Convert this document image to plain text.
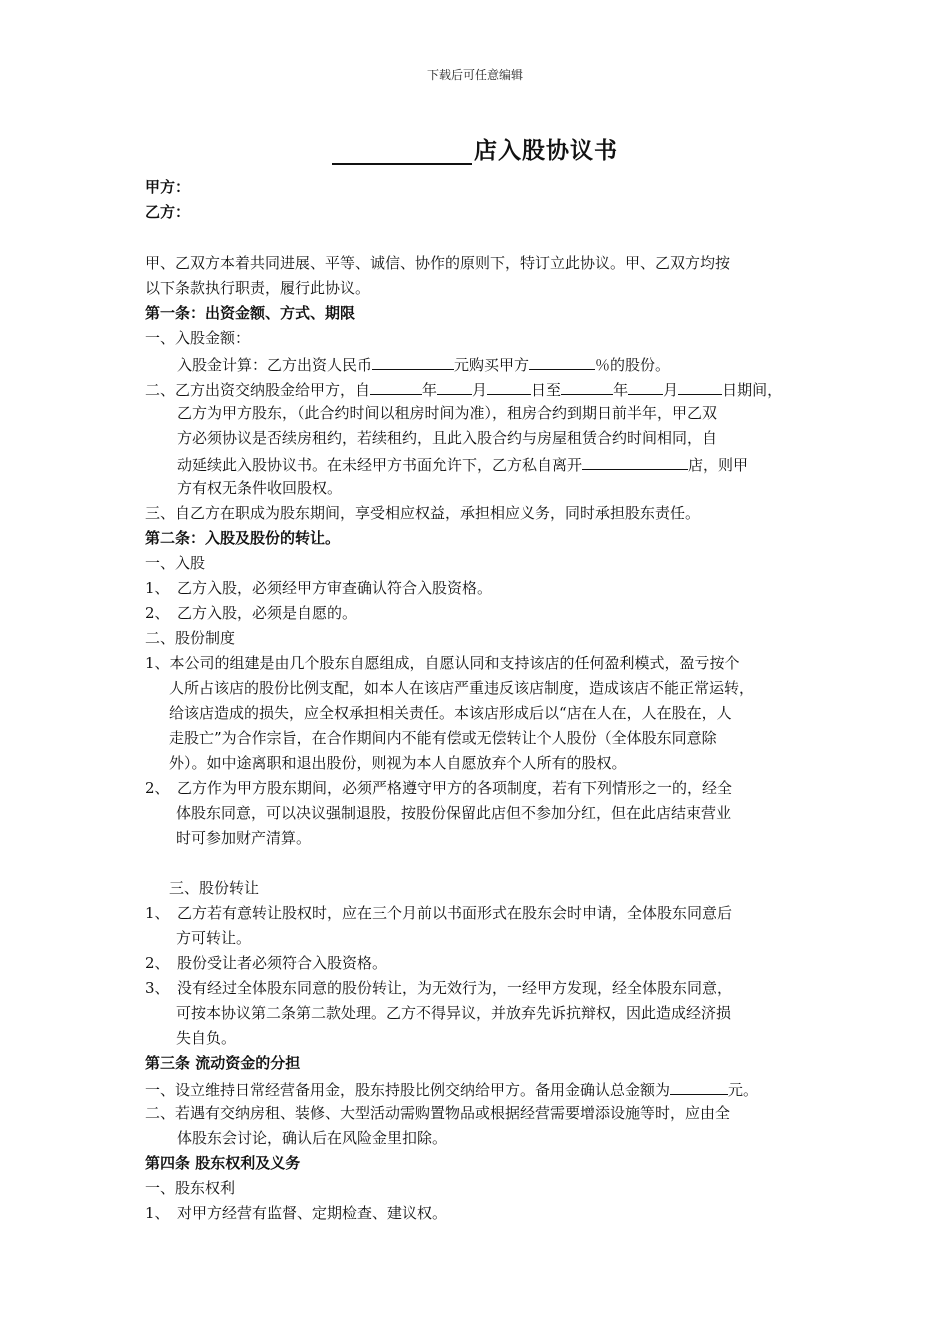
下载后可任意编辑
店入股协议书
甲方：
乙方：
甲、乙双方本着共同进展、平等、诚信、协作的原则下，特订立此协议。甲、乙双方均按
以下条款执行职责，履行此协议。
第一条：出资金额、方式、期限
一、入股金额：
入股金计算：乙方出资人民币	元购买甲方	％的股份。
二、乙方出资交纳股金给甲方，自	年 月	日至	年 月	日期间，
乙方为甲方股东，（此合约时间以租房时间为准），租房合约到期日前半年，甲乙双
方必须协议是否续房租约，若续租约，且此入股合约与房屋租赁合约时间相同，自
动延续此入股协议书。在未经甲方书面允许下，乙方私自离开	店，则甲
方有权无条件收回股权。
三、自乙方在职成为股东期间，享受相应权益，承担相应义务，同时承担股东责任。
第二条：入股及股份的转让。
一、入股
1、　乙方入股，必须经甲方审查确认符合入股资格。
2、　乙方入股，必须是自愿的。
二、股份制度
1、本公司的组建是由几个股东自愿组成，自愿认同和支持该店的任何盈利模式，盈亏按个
人所占该店的股份比例支配，如本人在该店严重违反该店制度，造成该店不能正常运转，
给该店造成的损失，应全权承担相关责任。本该店形成后以“店在人在，人在股在，人
走股亡”为合作宗旨，在合作期间内不能有偿或无偿转让个人股份（全体股东同意除
外）。如中途离职和退出股份，则视为本人自愿放弃个人所有的股权。
2、　乙方作为甲方股东期间，必须严格遵守甲方的各项制度，若有下列情形之一的，经全
体股东同意，可以决议强制退股，按股份保留此店但不参加分红，但在此店结束营业
时可参加财产清算。
三、股份转让
1、　乙方若有意转让股权时，应在三个月前以书面形式在股东会时申请，全体股东同意后
方可转让。
2、　股份受让者必须符合入股资格。
3、　没有经过全体股东同意的股份转让，为无效行为，一经甲方发现，经全体股东同意，
可按本协议第二条第二款处理。乙方不得异议，并放弃先诉抗辩权，因此造成经济损
失自负。
第三条 流动资金的分担
一、设立维持日常经营备用金，股东持股比例交纳给甲方。备用金确认总金额为	元。
二、若遇有交纳房租、装修、大型活动需购置物品或根据经营需要增添设施等时，应由全
体股东会讨论，确认后在风险金里扣除。
第四条 股东权利及义务
一、股东权利
1、　对甲方经营有监督、定期检查、建议权。
